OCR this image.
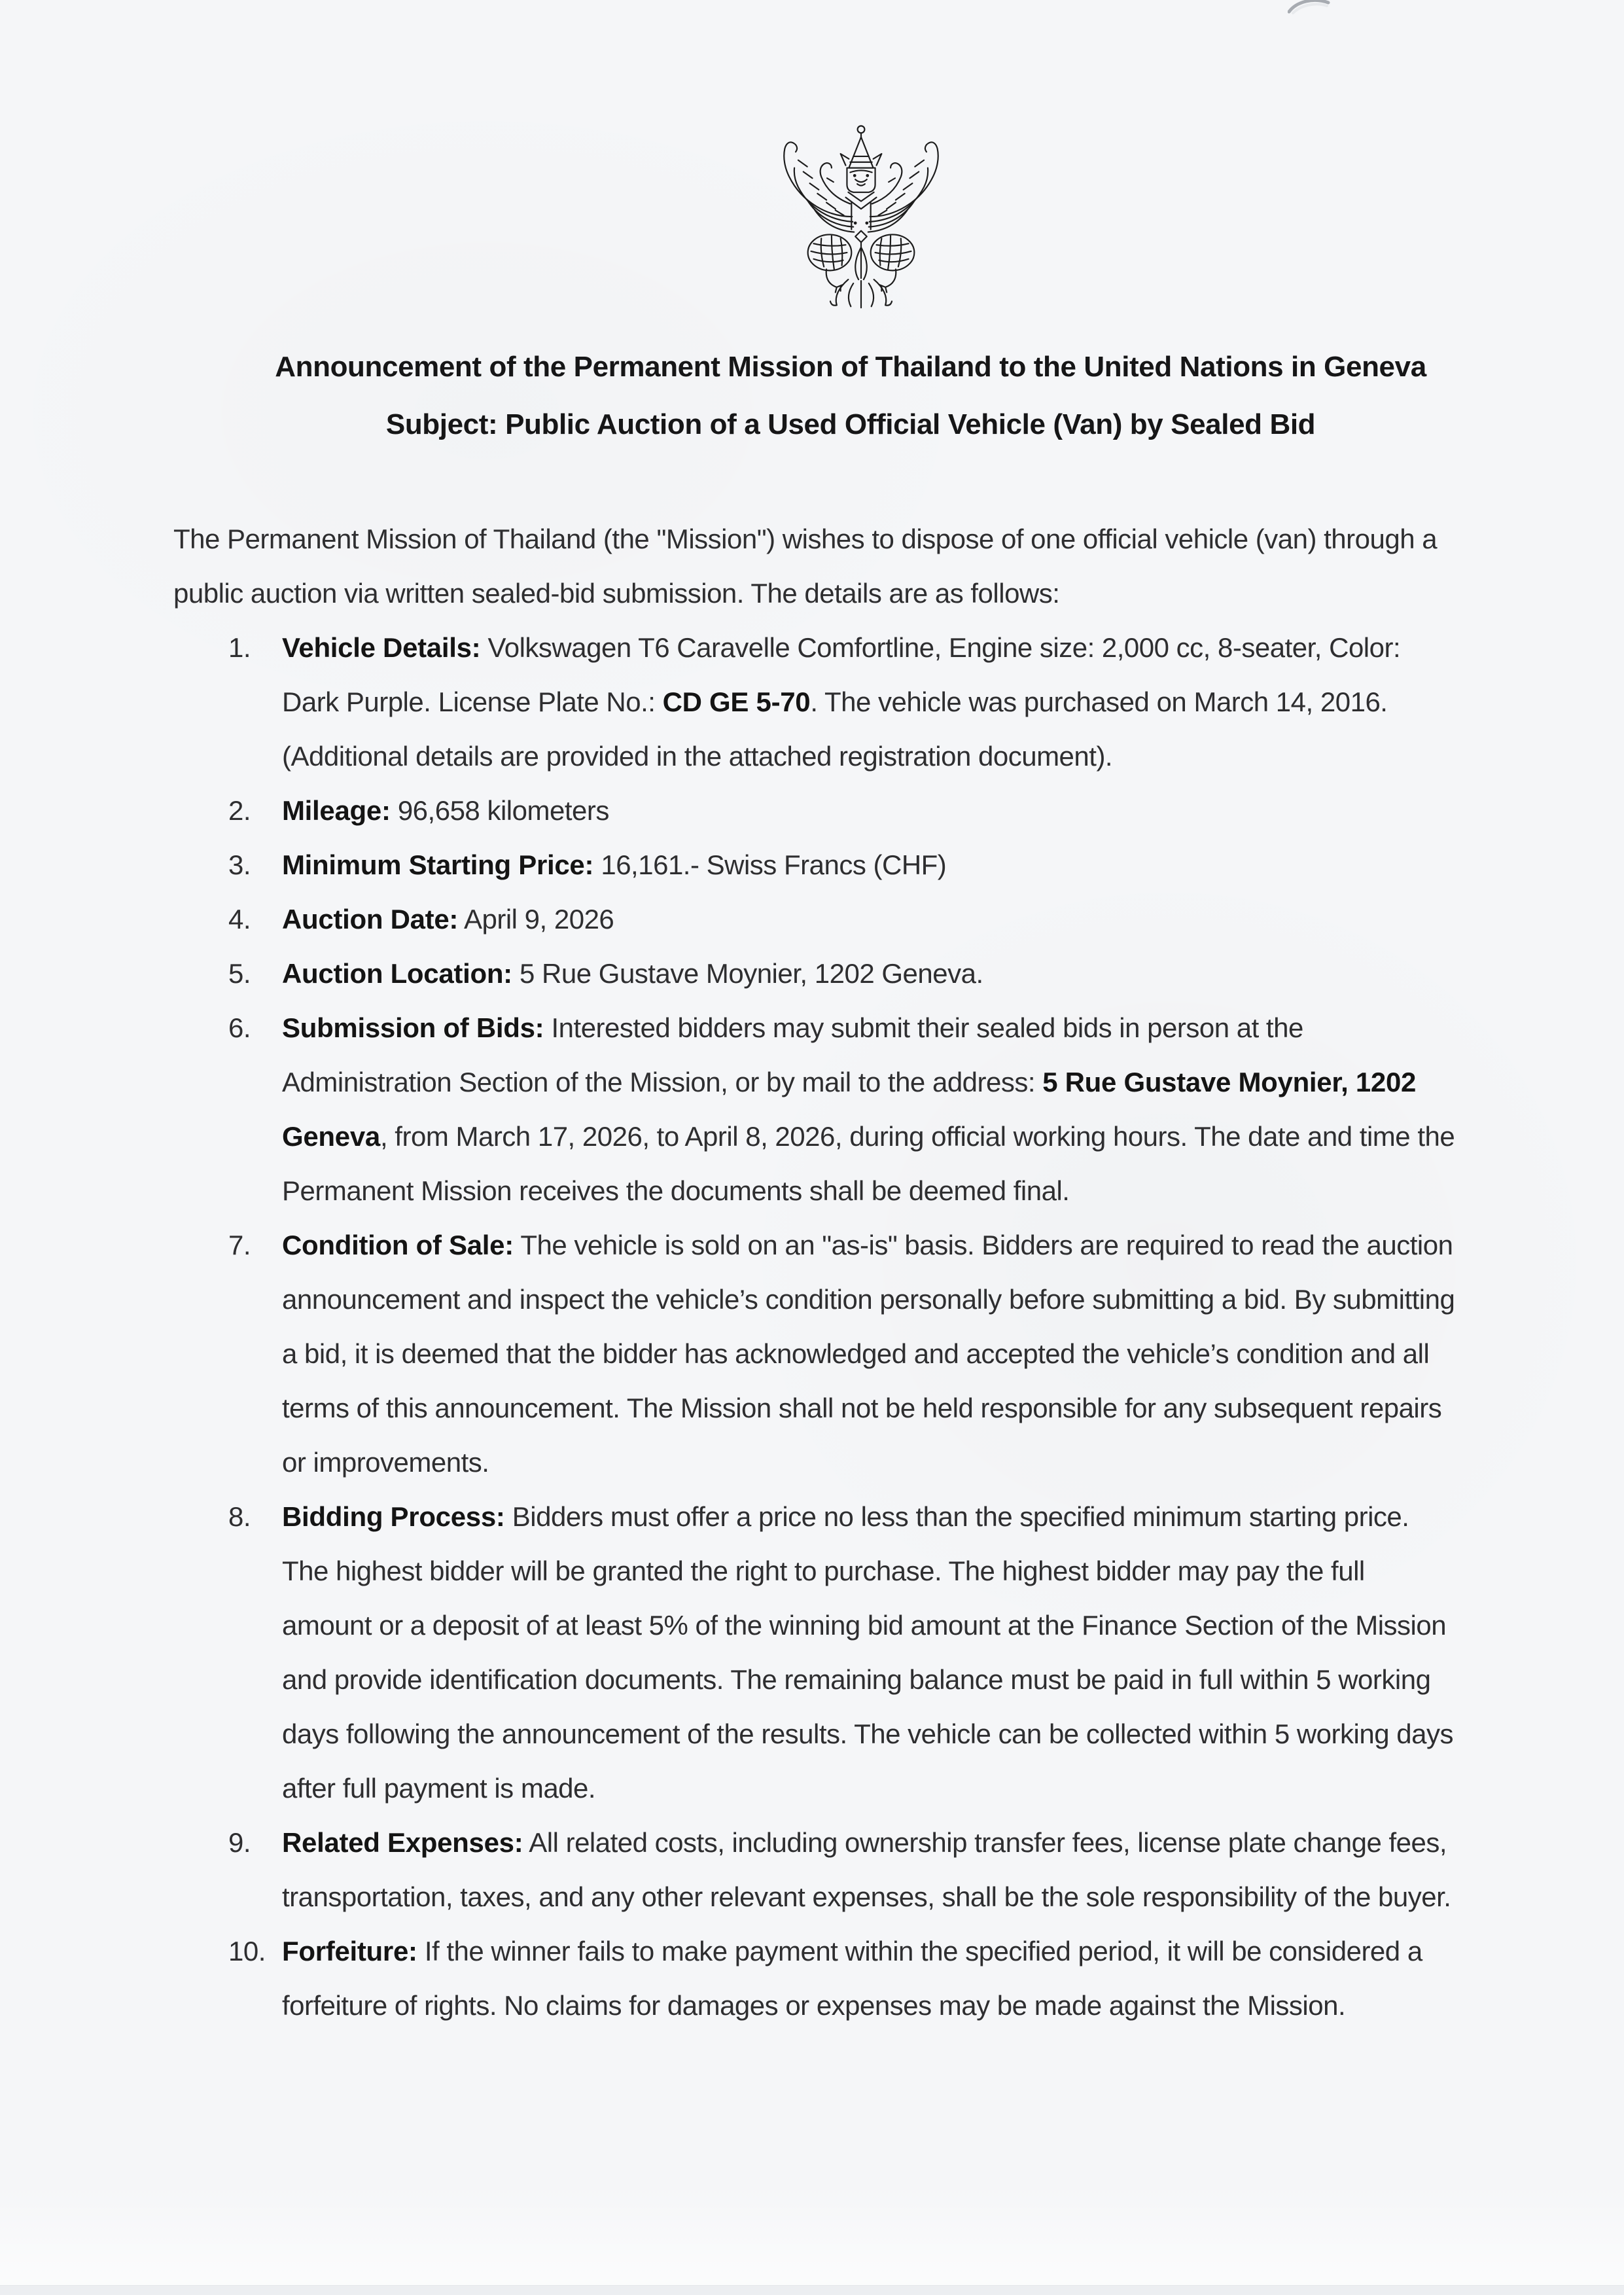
Announcement of the Permanent Mission of Thailand to the United Nations in Geneva
Subject: Public Auction of a Used Official Vehicle (Van) by Sealed Bid

The Permanent Mission of Thailand (the "Mission") wishes to dispose of one official vehicle (van) through a public auction via written sealed-bid submission. The details are as follows:

1. Vehicle Details: Volkswagen T6 Caravelle Comfortline, Engine size: 2,000 cc, 8-seater, Color: Dark Purple. License Plate No.: CD GE 5-70. The vehicle was purchased on March 14, 2016. (Additional details are provided in the attached registration document).
2. Mileage: 96,658 kilometers
3. Minimum Starting Price: 16,161.- Swiss Francs (CHF)
4. Auction Date: April 9, 2026
5. Auction Location: 5 Rue Gustave Moynier, 1202 Geneva.
6. Submission of Bids: Interested bidders may submit their sealed bids in person at the Administration Section of the Mission, or by mail to the address: 5 Rue Gustave Moynier, 1202 Geneva, from March 17, 2026, to April 8, 2026, during official working hours. The date and time the Permanent Mission receives the documents shall be deemed final.
7. Condition of Sale: The vehicle is sold on an "as-is" basis. Bidders are required to read the auction announcement and inspect the vehicle’s condition personally before submitting a bid. By submitting a bid, it is deemed that the bidder has acknowledged and accepted the vehicle’s condition and all terms of this announcement. The Mission shall not be held responsible for any subsequent repairs or improvements.
8. Bidding Process: Bidders must offer a price no less than the specified minimum starting price. The highest bidder will be granted the right to purchase. The highest bidder may pay the full amount or a deposit of at least 5% of the winning bid amount at the Finance Section of the Mission and provide identification documents. The remaining balance must be paid in full within 5 working days following the announcement of the results. The vehicle can be collected within 5 working days after full payment is made.
9. Related Expenses: All related costs, including ownership transfer fees, license plate change fees, transportation, taxes, and any other relevant expenses, shall be the sole responsibility of the buyer.
10. Forfeiture: If the winner fails to make payment within the specified period, it will be considered a forfeiture of rights. No claims for damages or expenses may be made against the Mission.
